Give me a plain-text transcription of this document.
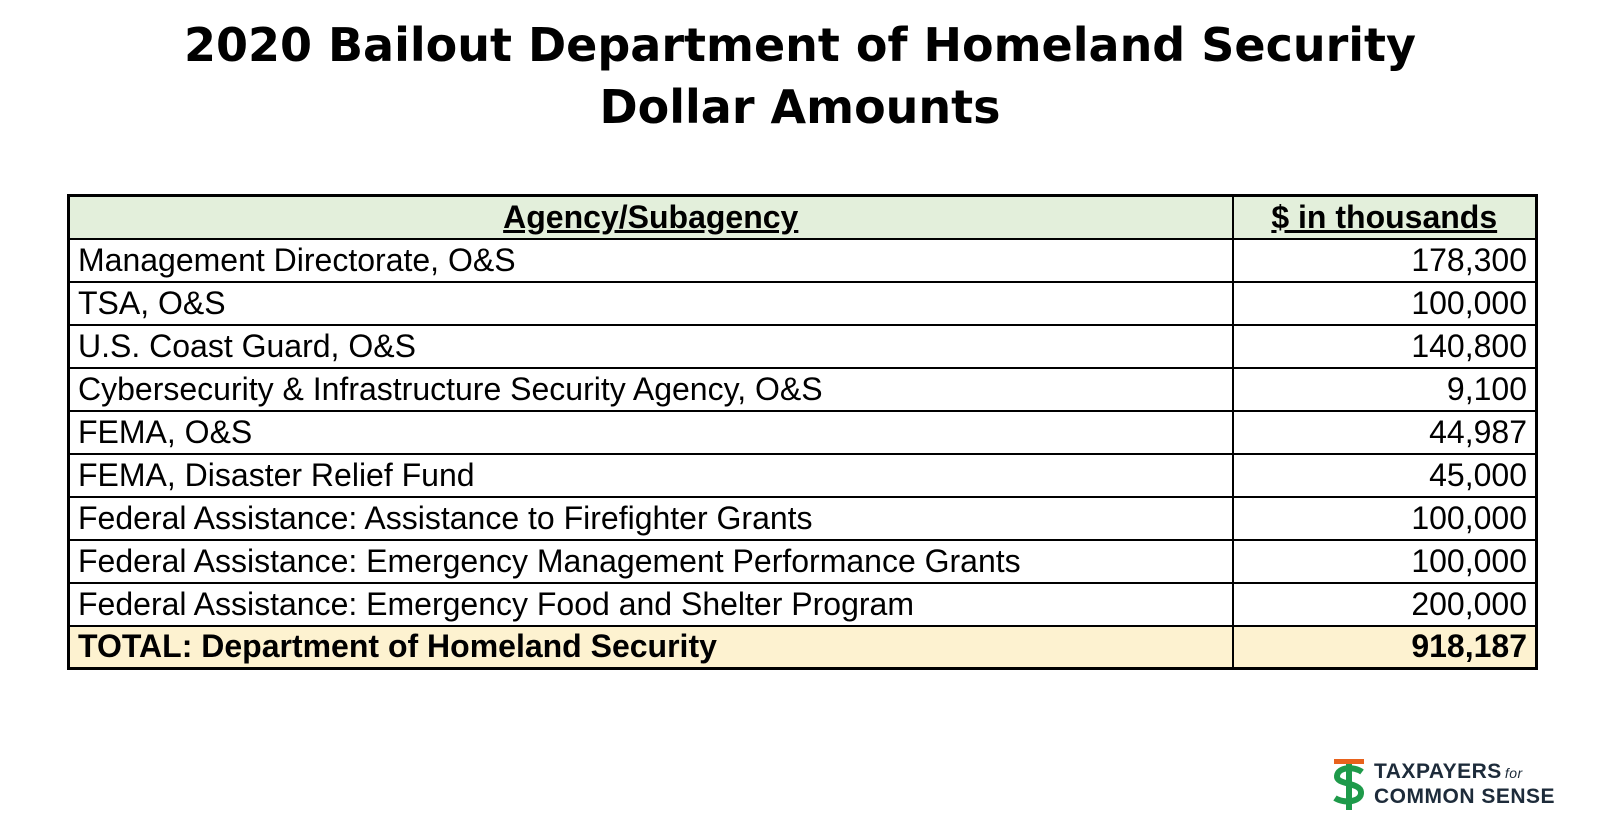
2020 Bailout Department of Homeland Security
Dollar Amounts
Agency/Subagency	$ in thousands
Management Directorate, O&S	178,300
TSA, O&S	100,000
U.S. Coast Guard, O&S	140,800
Cybersecurity & Infrastructure Security Agency, O&S	9,100
FEMA, O&S	44,987
FEMA, Disaster Relief Fund	45,000
Federal Assistance: Assistance to Firefighter Grants	100,000
Federal Assistance: Emergency Management Performance Grants	100,000
Federal Assistance: Emergency Food and Shelter Program	200,000
TOTAL: Department of Homeland Security	918,187
TAXPAYERS for
COMMON SENSE
